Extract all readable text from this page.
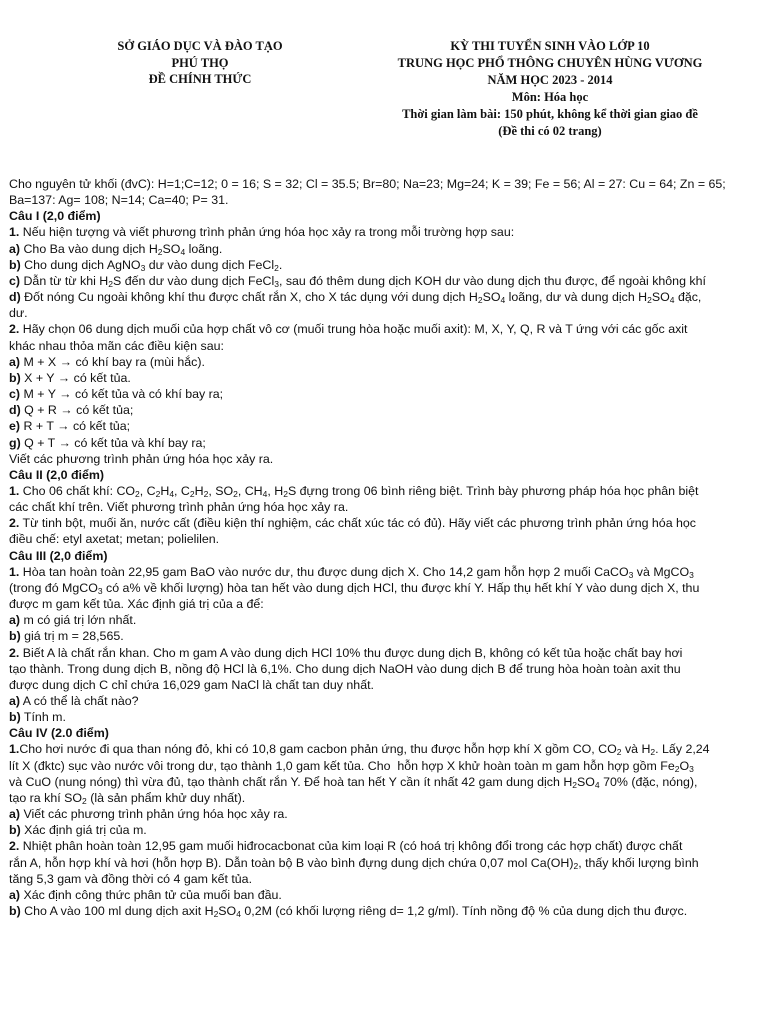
SỞ GIÁO DỤC VÀ ĐÀO TẠO
PHÚ THỌ
ĐỀ CHÍNH THỨC
KỲ THI TUYỂN SINH VÀO LỚP 10
TRUNG HỌC PHỔ THÔNG CHUYÊN HÙNG VƯƠNG
NĂM HỌC 2023 - 2014
Môn: Hóa học
Thời gian làm bài: 150 phút, không kể thời gian giao đề
(Đề thi có 02 trang)
Cho nguyên tử khối (đvC): H=1;C=12; 0 = 16; S = 32; Cl = 35.5; Br=80; Na=23; Mg=24; K = 39; Fe = 56; Al = 27: Cu = 64; Zn = 65; Ba=137: Ag= 108; N=14; Ca=40; P= 31.
Câu I (2,0 điểm)
1. Nếu hiện tượng và viết phương trình phản ứng hóa học xảy ra trong mỗi trường hợp sau:
a) Cho Ba vào dung dịch $H_2SO_4$ loãng.
b) Cho dung dịch AgNO$_3$ dư vào dung dịch FeCl$_2$.
c) Dẫn từ từ khi $H_2S$ đến dư vào dung dịch FeCl$_3$, sau đó thêm dung dịch KOH dư vào dung dịch thu được, để ngoài không khí
d) Đốt nóng Cu ngoài không khí thu được chất rắn X, cho X tác dụng với dung dịch $H_2SO_4$ loãng, dư và dung dịch $H_2SO_4$ đặc,
dư.
2. Hãy chọn 06 dung dịch muối của hợp chất vô cơ (muối trung hòa hoặc muối axit): M, X, Y, Q, R và T ứng với các gốc axit
khác nhau thỏa mãn các điều kiện sau:
a) M + X → có khí bay ra (mùi hắc).
b) X + Y → có kết tủa.
c) M + Y → có kết tủa và có khí bay ra;
d) Q + R → có kết tủa;
e) R + T → có kết tủa;
g) Q + T → có kết tủa và khí bay ra;
Viết các phương trình phản ứng hóa học xảy ra.
Câu II (2,0 điểm)
1. Cho 06 chất khí: $CO_2$, $C_2H_4$, $C_2H_2$, $SO_2$, $CH_4$, $H_2S$ đựng trong 06 bình riêng biệt. Trình bày phương pháp hóa học phân biệt
các chất khí trên. Viết phương trình phản ứng hóa học xảy ra.
2. Từ tinh bột, muối ăn, nước cất (điều kiện thí nghiệm, các chất xúc tác có đủ). Hãy viết các phương trình phản ứng hóa học
điều chế: etyl axetat; metan; polielilen.
Câu III (2,0 điểm)
1. Hòa tan hoàn toàn 22,95 gam BaO vào nước dư, thu được dung dịch X. Cho 14,2 gam hỗn hợp 2 muối CaCO$_3$ và MgCO$_3$
(trong đó MgCO$_3$ có a% về khối lượng) hòa tan hết vào dung dịch HCl, thu được khí Y. Hấp thụ hết khí Y vào dung dịch X, thu
được m gam kết tủa. Xác định giá trị của a để:
a) m có giá trị lớn nhất.
b) giá trị m = 28,565.
2. Biết A là chất rắn khan. Cho m gam A vào dung dịch HCl 10% thu được dung dịch B, không có kết tủa hoặc chất bay hơi
tạo thành. Trong dung dịch B, nồng độ HCl là 6,1%. Cho dung dịch NaOH vào dung dịch B để trung hòa hoàn toàn axit thu
được dung dịch C chỉ chứa 16,029 gam NaCl là chất tan duy nhất.
a) A có thể là chất nào?
b) Tính m.
Câu IV (2.0 điểm)
1.Cho hơi nước đi qua than nóng đỏ, khi có 10,8 gam cacbon phản ứng, thu được hỗn hợp khí X gồm CO, $CO_2$ và $H_2$. Lấy 2,24
lít X (đktc) sục vào nước vôi trong dư, tạo thành 1,0 gam kết tủa. Cho  hỗn hợp X khử hoàn toàn m gam hỗn hợp gồm $Fe_2O_3$
và CuO (nung nóng) thì vừa đủ, tạo thành chất rắn Y. Để hoà tan hết Y cần ít nhất 42 gam dung dịch $H_2SO_4$ 70% (đặc, nóng),
tạo ra khí $SO_2$ (là sản phẩm khử duy nhất).
a) Viết các phương trình phản ứng hóa học xảy ra.
b) Xác định giá trị của m.
2. Nhiệt phân hoàn toàn 12,95 gam muối hiđrocacbonat của kim loại R (có hoá trị không đổi trong các hợp chất) được chất
rắn A, hỗn hợp khí và hơi (hỗn hợp B). Dẫn toàn bộ B vào bình đựng dung dịch chứa 0,07 mol $Ca(OH)_2$, thấy khối lượng bình
tăng 5,3 gam và đồng thời có 4 gam kết tủa.
a) Xác định công thức phân tử của muối ban đầu.
b) Cho A vào 100 ml dung dịch axit $H_2SO_4$ 0,2M (có khối lượng riêng d= 1,2 g/ml). Tính nồng độ % của dung dịch thu được.
